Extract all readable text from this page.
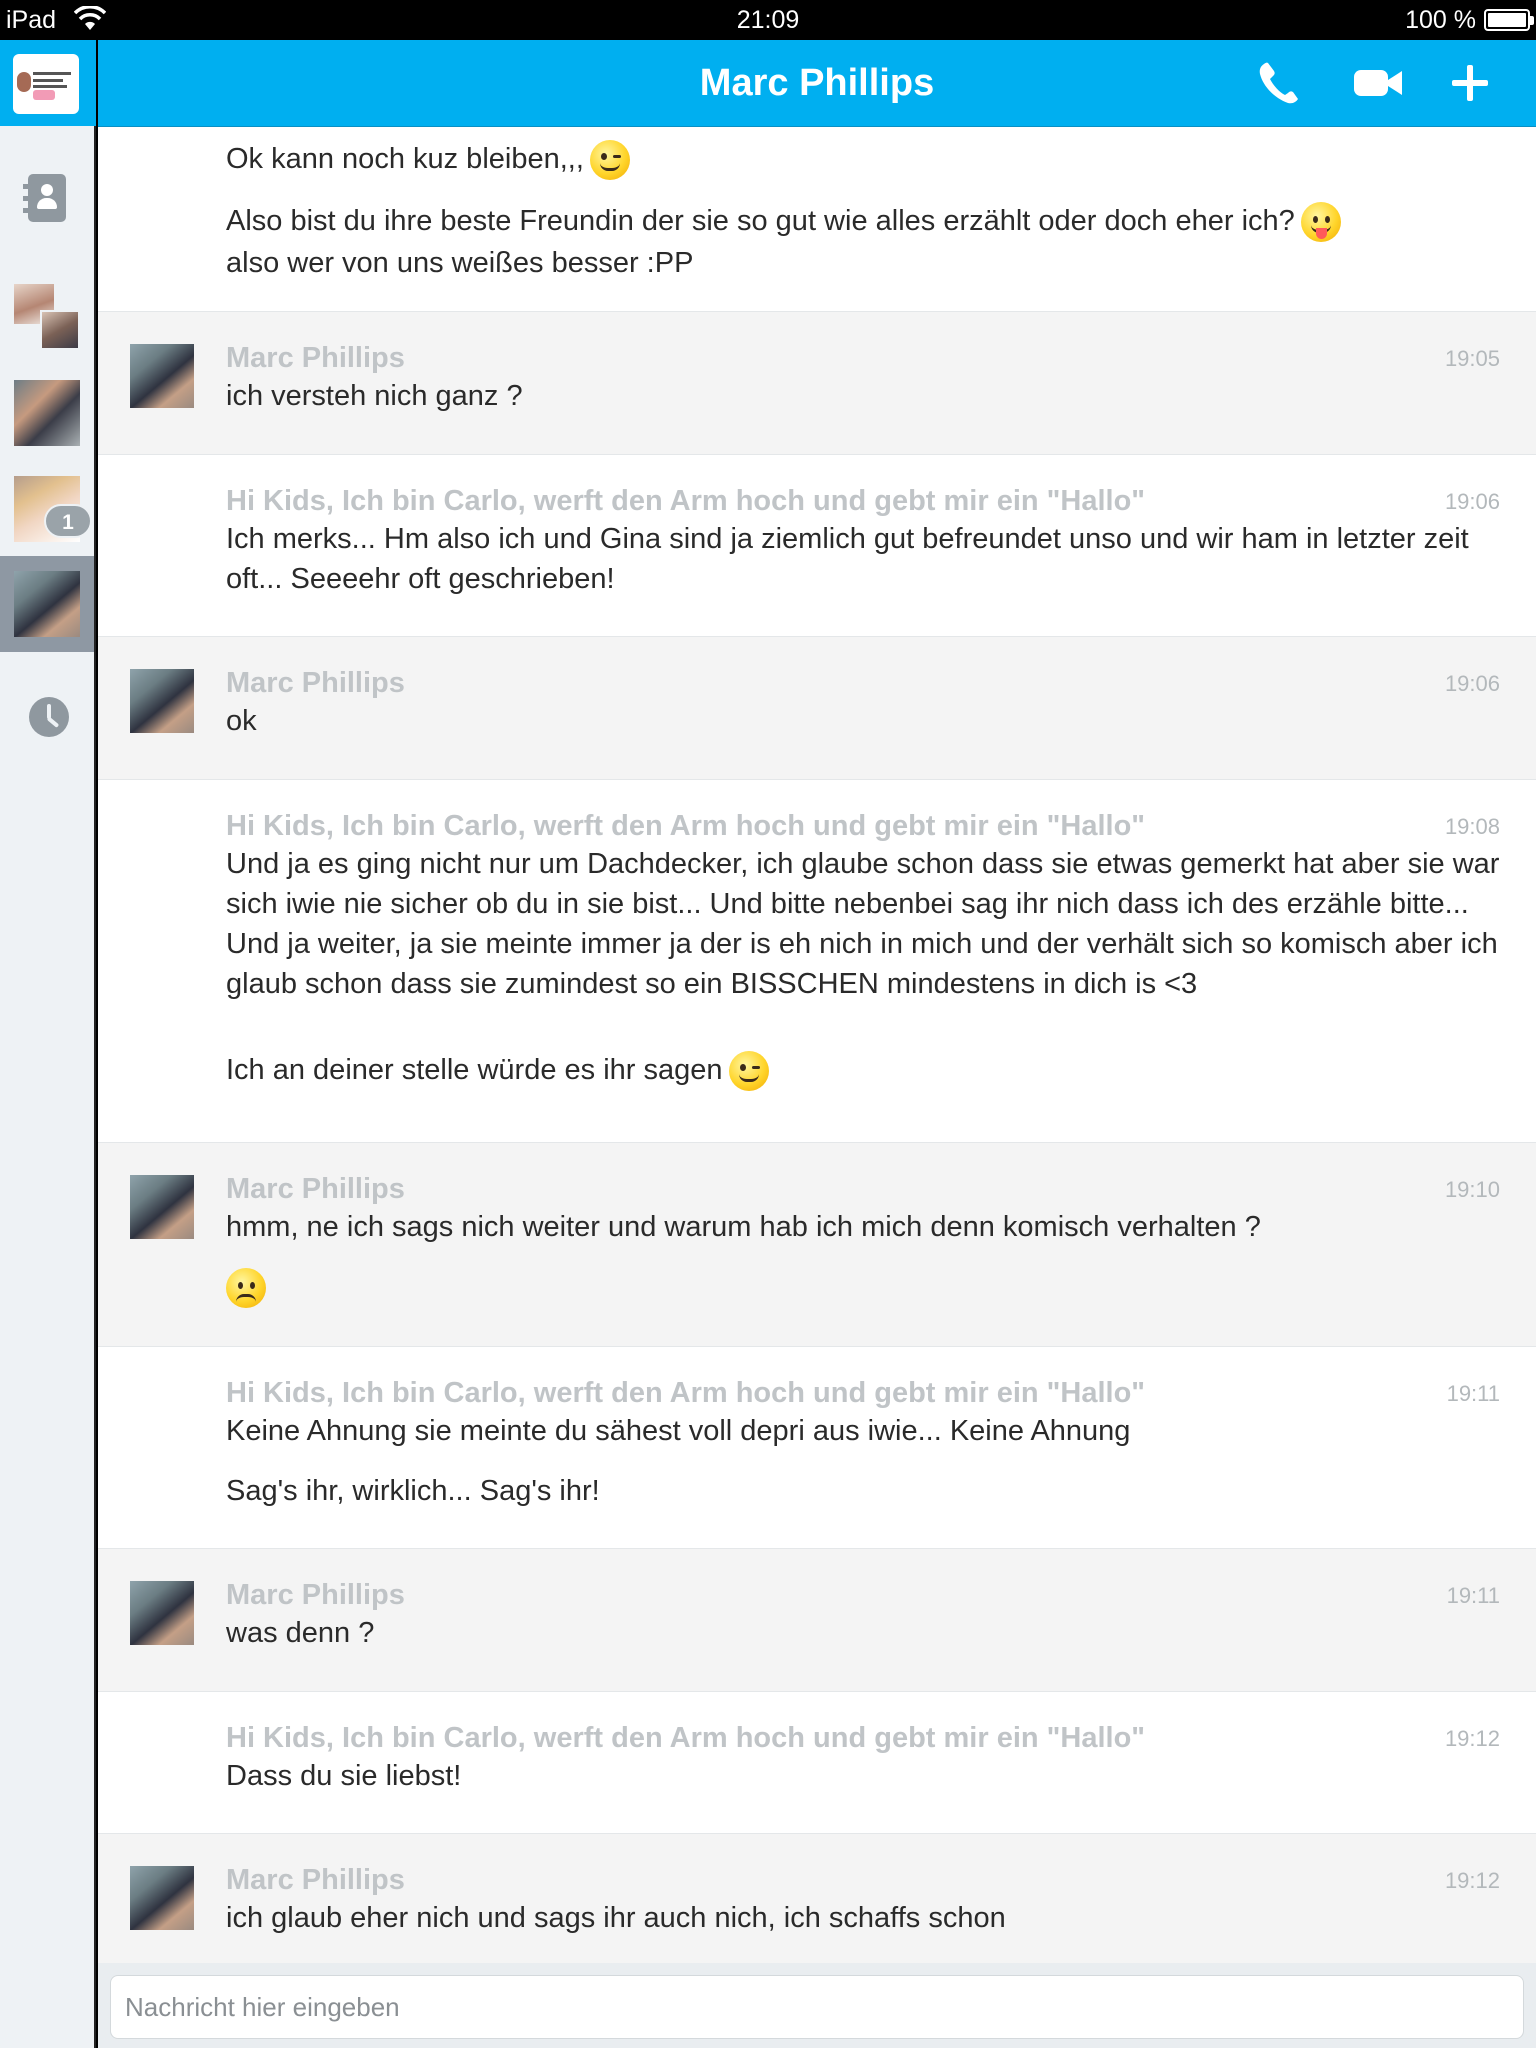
iPad	21:09	100 %
1
Marc Phillips
Ok kann noch kuz bleiben,,,
Also bist du ihre beste Freundin der sie so gut wie alles erzählt oder doch eher ich?
also wer von uns weißes besser :PP
Marc Phillips	19:05
ich versteh nich ganz ?
Hi Kids, Ich bin Carlo, werft den Arm hoch und gebt mir ein "Hallo"	19:06
Ich merks... Hm also ich und Gina sind ja ziemlich gut befreundet unso und wir ham in letzter zeit oft... Seeeehr oft geschrieben!
Marc Phillips	19:06
ok
Hi Kids, Ich bin Carlo, werft den Arm hoch und gebt mir ein "Hallo"	19:08
Und ja es ging nicht nur um Dachdecker, ich glaube schon dass sie etwas gemerkt hat aber sie war sich iwie nie sicher ob du in sie bist... Und bitte nebenbei sag ihr nich dass ich des erzähle bitte... Und ja weiter, ja sie meinte immer ja der is eh nich in mich und der verhält sich so komisch aber ich glaub schon dass sie zumindest so ein BISSCHEN mindestens in dich is <3
Ich an deiner stelle würde es ihr sagen
Marc Phillips	19:10
hmm, ne ich sags nich weiter und warum hab ich mich denn komisch verhalten ?
Hi Kids, Ich bin Carlo, werft den Arm hoch und gebt mir ein "Hallo"	19:11
Keine Ahnung sie meinte du sähest voll depri aus iwie... Keine Ahnung
Sag's ihr, wirklich... Sag's ihr!
Marc Phillips	19:11
was denn ?
Hi Kids, Ich bin Carlo, werft den Arm hoch und gebt mir ein "Hallo"	19:12
Dass du sie liebst!
Marc Phillips	19:12
ich glaub eher nich und sags ihr auch nich, ich schaffs schon
Nachricht hier eingeben
